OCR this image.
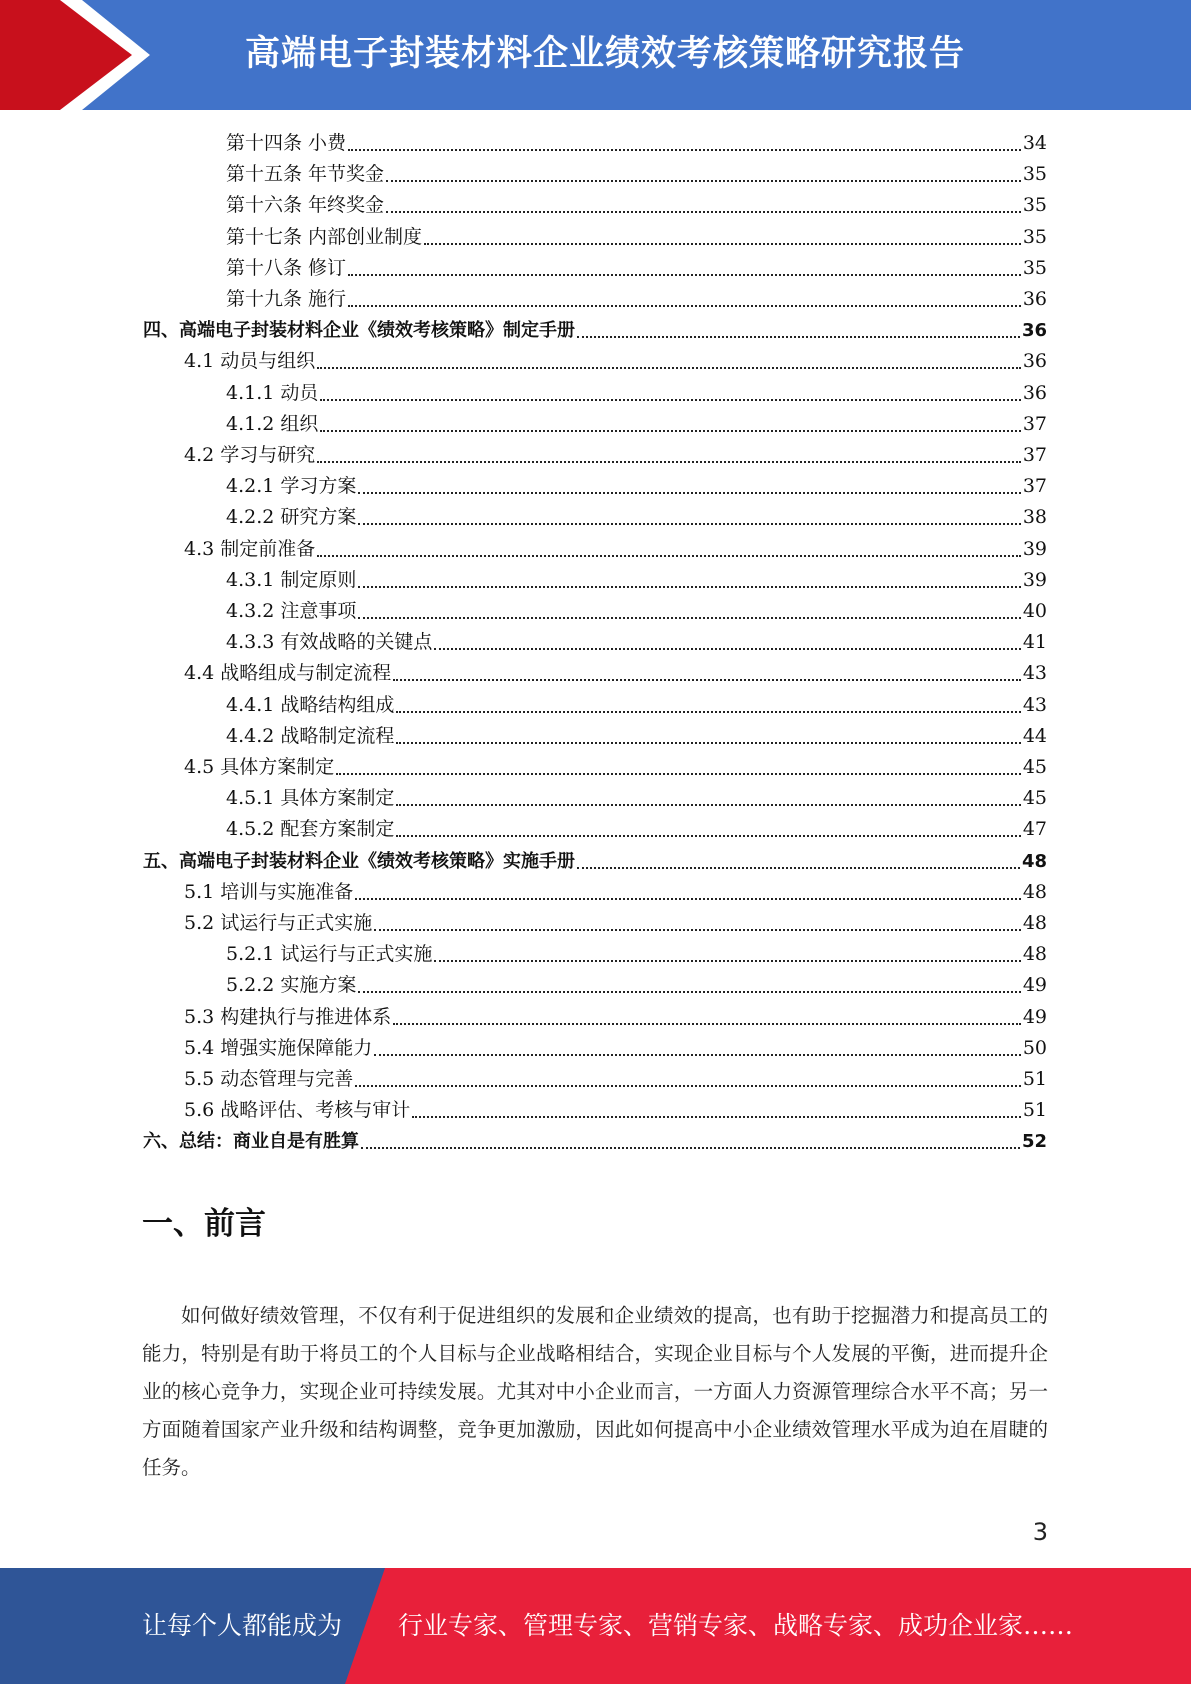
高端电子封装材料企业绩效考核策略研究报告
第十四条 小费	34
第十五条 年节奖金	35
第十六条 年终奖金	35
第十七条 内部创业制度	35
第十八条 修订	35
第十九条 施行	36
四、高端电子封装材料企业《绩效考核策略》制定手册	36
4.1 动员与组织	36
4.1.1 动员	36
4.1.2 组织	37
4.2 学习与研究	37
4.2.1 学习方案	37
4.2.2 研究方案	38
4.3 制定前准备	39
4.3.1 制定原则	39
4.3.2 注意事项	40
4.3.3 有效战略的关键点	41
4.4 战略组成与制定流程	43
4.4.1 战略结构组成	43
4.4.2 战略制定流程	44
4.5 具体方案制定	45
4.5.1 具体方案制定	45
4.5.2 配套方案制定	47
五、高端电子封装材料企业《绩效考核策略》实施手册	48
5.1 培训与实施准备	48
5.2 试运行与正式实施	48
5.2.1 试运行与正式实施	48
5.2.2 实施方案	49
5.3 构建执行与推进体系	49
5.4 增强实施保障能力	50
5.5 动态管理与完善	51
5.6 战略评估、考核与审计	51
六、总结：商业自是有胜算	52
一、前言
如何做好绩效管理，不仅有利于促进组织的发展和企业绩效的提高，也有助于挖掘潜力和提高员工的能力，特别是有助于将员工的个人目标与企业战略相结合，实现企业目标与个人发展的平衡，进而提升企业的核心竞争力，实现企业可持续发展。尤其对中小企业而言，一方面人力资源管理综合水平不高；另一方面随着国家产业升级和结构调整，竞争更加激励，因此如何提高中小企业绩效管理水平成为迫在眉睫的任务。
3
让每个人都能成为 行业专家、管理专家、营销专家、战略专家、成功企业家……
